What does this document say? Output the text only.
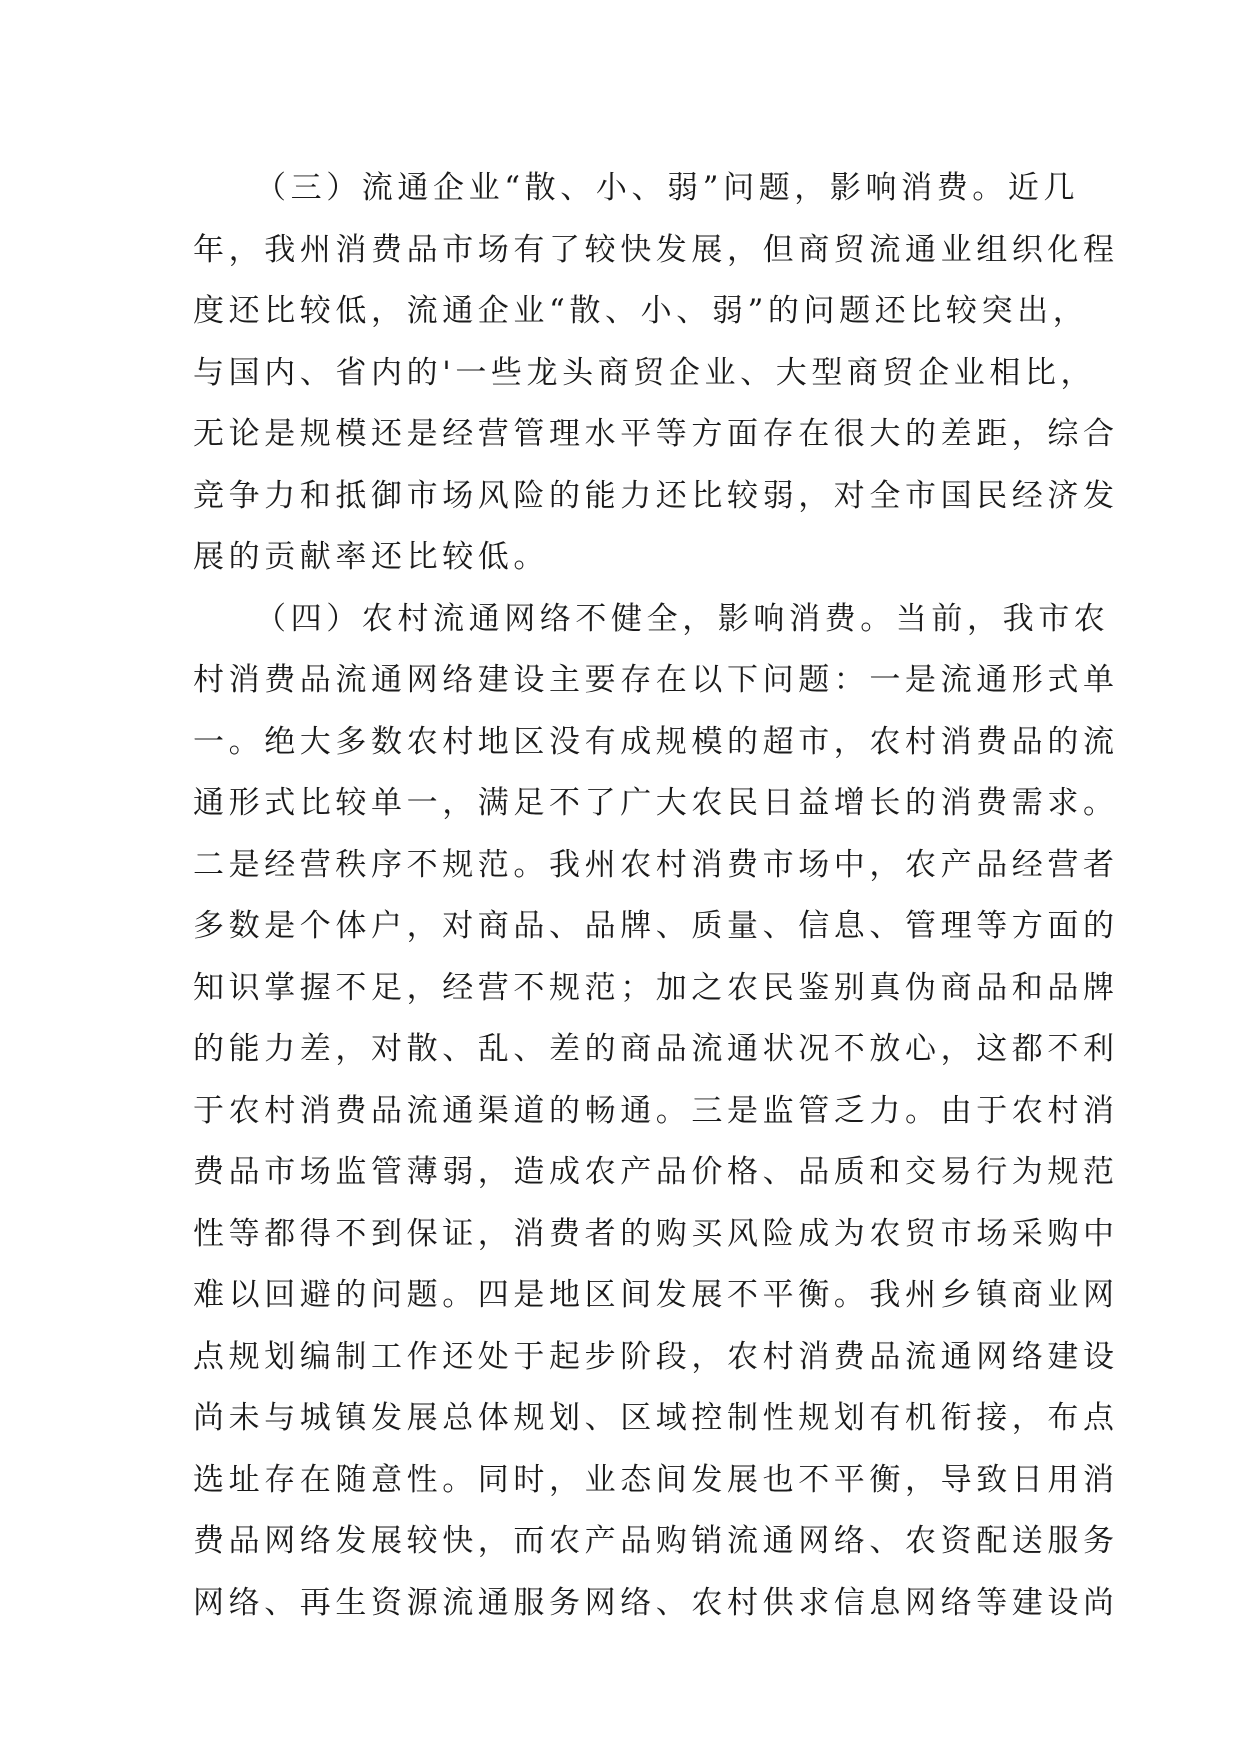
（三）流通企业“散、小、弱”问题，影响消费。近几
年，我州消费品市场有了较快发展，但商贸流通业组织化程
度还比较低，流通企业“散、小、弱”的问题还比较突出，
与国内、省内的'一些龙头商贸企业、大型商贸企业相比，
无论是规模还是经营管理水平等方面存在很大的差距，综合
竞争力和抵御市场风险的能力还比较弱，对全市国民经济发
展的贡献率还比较低。
（四）农村流通网络不健全，影响消费。当前，我市农
村消费品流通网络建设主要存在以下问题：一是流通形式单
一。绝大多数农村地区没有成规模的超市，农村消费品的流
通形式比较单一，满足不了广大农民日益增长的消费需求。
二是经营秩序不规范。我州农村消费市场中，农产品经营者
多数是个体户，对商品、品牌、质量、信息、管理等方面的
知识掌握不足，经营不规范；加之农民鉴别真伪商品和品牌
的能力差，对散、乱、差的商品流通状况不放心，这都不利
于农村消费品流通渠道的畅通。三是监管乏力。由于农村消
费品市场监管薄弱，造成农产品价格、品质和交易行为规范
性等都得不到保证，消费者的购买风险成为农贸市场采购中
难以回避的问题。四是地区间发展不平衡。我州乡镇商业网
点规划编制工作还处于起步阶段，农村消费品流通网络建设
尚未与城镇发展总体规划、区域控制性规划有机衔接，布点
选址存在随意性。同时，业态间发展也不平衡，导致日用消
费品网络发展较快，而农产品购销流通网络、农资配送服务
网络、再生资源流通服务网络、农村供求信息网络等建设尚
